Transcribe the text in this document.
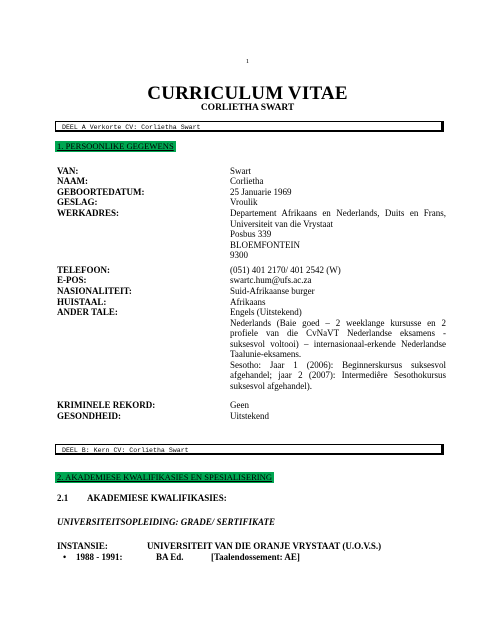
1
CURRICULUM VITAE
CORLIETHA SWART
DEEL A Verkorte CV: Corlietha Swart
1. PERSOONLIKE GEGEWENS
VAN:	Swart
NAAM:	Corlietha
GEBOORTEDATUM:	25 Januarie 1969
GESLAG:	Vroulik
WERKADRES:	Departement Afrikaans en Nederlands, Duits en Frans, Universiteit van die Vrystaat
Posbus 339
BLOEMFONTEIN
9300
TELEFOON:	(051) 401 2170/ 401 2542 (W)
E-POS:	swartc.hum@ufs.ac.za
NASIONALITEIT:	Suid-Afrikaanse burger
HUISTAAL:	Afrikaans
ANDER TALE:	Engels (Uitstekend)
Nederlands (Baie goed – 2 weeklange kursusse en 2 profiele van die CvNaVT Nederlandse eksamens - suksesvol voltooi) – internasionaal-erkende Nederlandse Taalunie-eksamens.
Sesotho: Jaar 1 (2006): Beginnerskursus suksesvol afgehandel; jaar 2 (2007): Intermediêre Sesothokursus suksesvol afgehandel).
KRIMINELE REKORD:	Geen
GESONDHEID:	Uitstekend
DEEL B: Kern CV: Corlietha Swart
2. AKADEMIESE KWALIFIKASIES EN SPESIALISERING
2.1 AKADEMIESE KWALIFIKASIES:
UNIVERSITEITSOPLEIDING: GRADE/ SERTIFIKATE
INSTANSIE:	UNIVERSITEIT VAN DIE ORANJE VRYSTAAT (U.O.V.S.)
• 1988 - 1991:	BA Ed.	[Taalendossement: AE]
